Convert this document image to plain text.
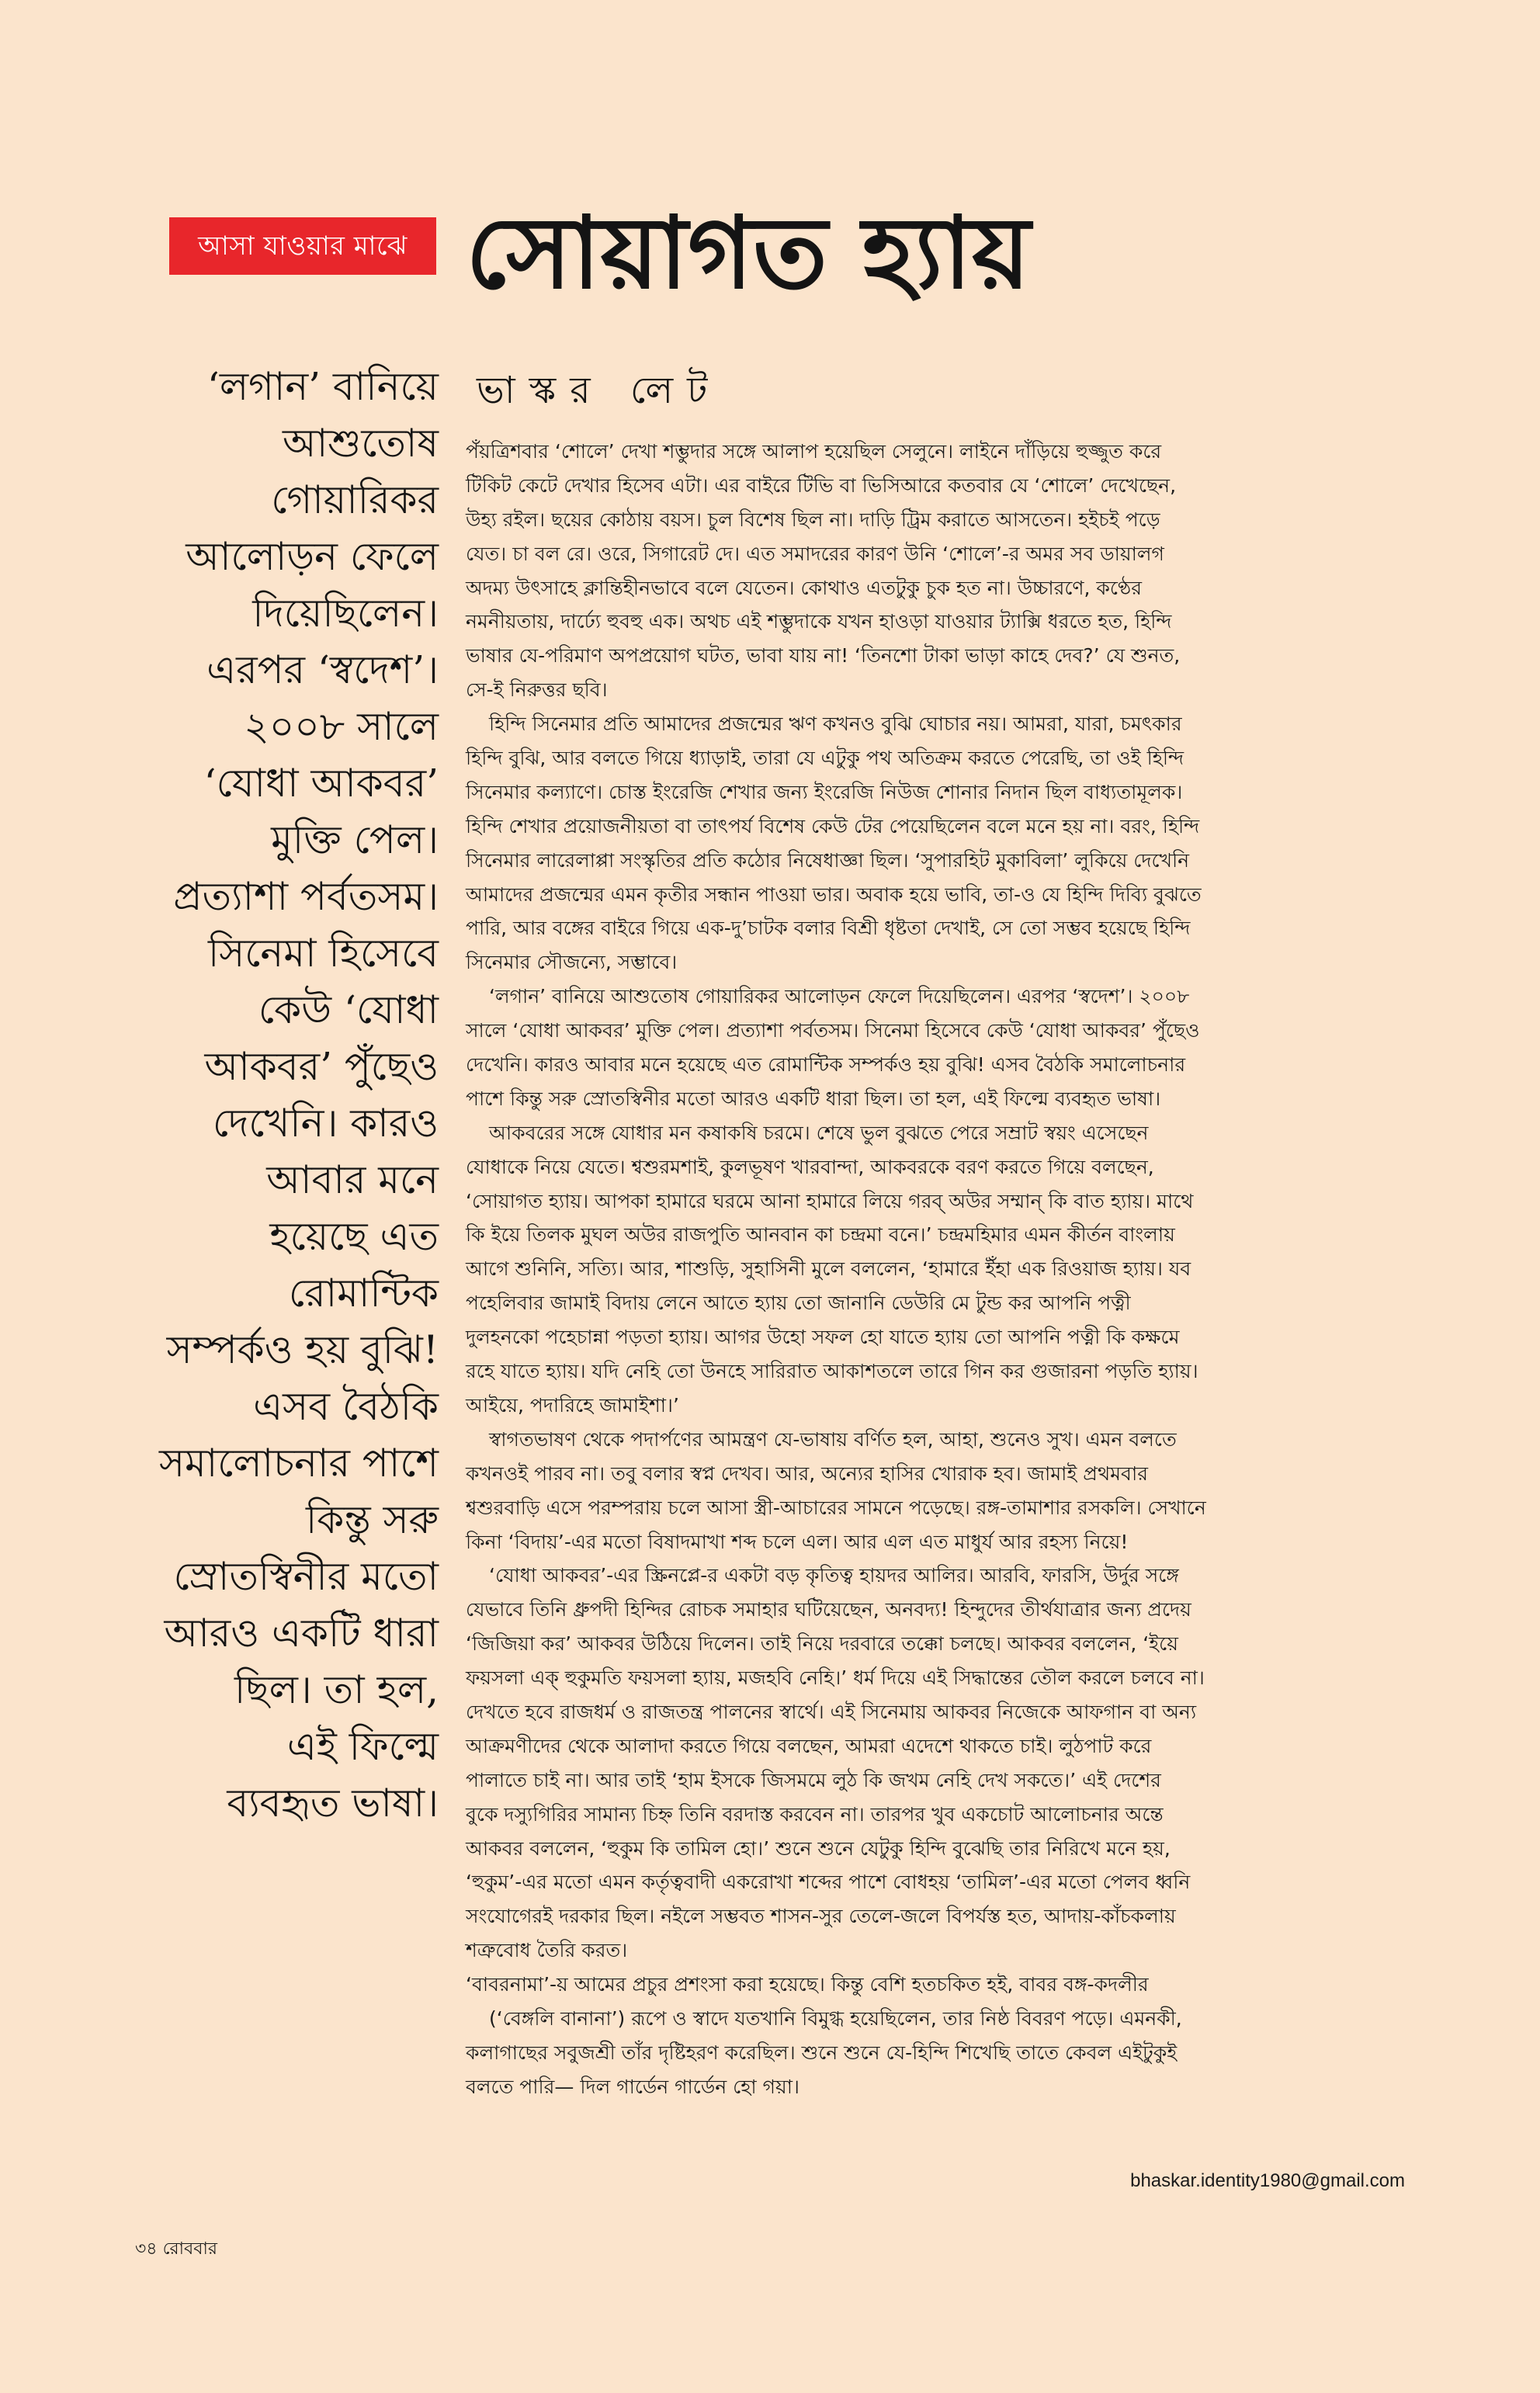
আসা যাওয়ার মাঝে সোয়াগত হ্যায়
‘লগান’ বানিয়ে
আশুতোষ
গোয়ারিকর
আলোড়ন ফেলে
দিয়েছিলেন।
এরপর ‘স্বদেশ’।
২০০৮ সালে
‘যোধা আকবর’
মুক্তি পেল।
প্রত্যাশা পর্বতসম।
সিনেমা হিসেবে
কেউ ‘যোধা
আকবর’ পুঁছেও
দেখেনি। কারও
আবার মনে
হয়েছে এত
রোমান্টিক
সম্পর্কও হয় বুঝি!
এসব বৈঠকি
সমালোচনার পাশে
কিন্তু সরু
স্রোতস্বিনীর মতো
আরও একটি ধারা
ছিল। তা হল,
এই ফিল্মে
ব্যবহৃত ভাষা।
ভাস্কর লেট
পঁয়ত্রিশবার ‘শোলে’ দেখা শম্ভুদার সঙ্গে আলাপ হয়েছিল সেলুনে। লাইনে দাঁড়িয়ে হুজ্জুত করে
টিকিট কেটে দেখার হিসেব এটা। এর বাইরে টিভি বা ভিসিআরে কতবার যে ‘শোলে’ দেখেছেন,
উহ্য রইল। ছয়ের কোঠায় বয়স। চুল বিশেষ ছিল না। দাড়ি ট্রিম করাতে আসতেন। হইচই পড়ে
যেত। চা বল রে। ওরে, সিগারেট দে। এত সমাদরের কারণ উনি ‘শোলে’-র অমর সব ডায়ালগ
অদম্য উৎসাহে ক্লান্তিহীনভাবে বলে যেতেন। কোথাও এতটুকু চুক হত না। উচ্চারণে, কণ্ঠের
নমনীয়তায়, দার্ঢ্যে হুবহু এক। অথচ এই শম্ভুদাকে যখন হাওড়া যাওয়ার ট্যাক্সি ধরতে হত, হিন্দি
ভাষার যে-পরিমাণ অপপ্রয়োগ ঘটত, ভাবা যায় না! ‘তিনশো টাকা ভাড়া কাহে দেব?’ যে শুনত,
সে-ই নিরুত্তর ছবি।
হিন্দি সিনেমার প্রতি আমাদের প্রজন্মের ঋণ কখনও বুঝি ঘোচার নয়। আমরা, যারা, চমৎকার
হিন্দি বুঝি, আর বলতে গিয়ে ধ্যাড়াই, তারা যে এটুকু পথ অতিক্রম করতে পেরেছি, তা ওই হিন্দি
সিনেমার কল্যাণে। চোস্ত ইংরেজি শেখার জন্য ইংরেজি নিউজ শোনার নিদান ছিল বাধ্যতামূলক।
হিন্দি শেখার প্রয়োজনীয়তা বা তাৎপর্য বিশেষ কেউ টের পেয়েছিলেন বলে মনে হয় না। বরং, হিন্দি
সিনেমার লারেলাপ্পা সংস্কৃতির প্রতি কঠোর নিষেধাজ্ঞা ছিল। ‘সুপারহিট মুকাবিলা’ লুকিয়ে দেখেনি
আমাদের প্রজন্মের এমন কৃতীর সন্ধান পাওয়া ভার। অবাক হয়ে ভাবি, তা-ও যে হিন্দি দিব্যি বুঝতে
পারি, আর বঙ্গের বাইরে গিয়ে এক-দু’চাটক বলার বিশ্রী ধৃষ্টতা দেখাই, সে তো সম্ভব হয়েছে হিন্দি
সিনেমার সৌজন্যে, সম্ভাবে।
‘লগান’ বানিয়ে আশুতোষ গোয়ারিকর আলোড়ন ফেলে দিয়েছিলেন। এরপর ‘স্বদেশ’। ২০০৮
সালে ‘যোধা আকবর’ মুক্তি পেল। প্রত্যাশা পর্বতসম। সিনেমা হিসেবে কেউ ‘যোধা আকবর’ পুঁছেও
দেখেনি। কারও আবার মনে হয়েছে এত রোমান্টিক সম্পর্কও হয় বুঝি! এসব বৈঠকি সমালোচনার
পাশে কিন্তু সরু স্রোতস্বিনীর মতো আরও একটি ধারা ছিল। তা হল, এই ফিল্মে ব্যবহৃত ভাষা।
আকবরের সঙ্গে যোধার মন কষাকষি চরমে। শেষে ভুল বুঝতে পেরে সম্রাট স্বয়ং এসেছেন
যোধাকে নিয়ে যেতে। শ্বশুরমশাই, কুলভূষণ খারবান্দা, আকবরকে বরণ করতে গিয়ে বলছেন,
‘সোয়াগত হ্যায়। আপকা হামারে ঘরমে আনা হামারে লিয়ে গরব্‌ অউর সম্মান্‌ কি বাত হ্যায়। মাথে
কি ইয়ে তিলক মুঘল অউর রাজপুতি আনবান কা চন্দ্রমা বনে।’ চন্দ্রমহিমার এমন কীর্তন বাংলায়
আগে শুনিনি, সত্যি। আর, শাশুড়ি, সুহাসিনী মুলে বললেন, ‘হামারে ইঁহা এক রিওয়াজ হ্যায়। যব
পহেলিবার জামাই বিদায় লেনে আতে হ্যায় তো জানানি ডেউরি মে টুন্ড কর আপনি পত্নী
দুলহনকো পহেচান্না পড়তা হ্যায়। আগর উহো সফল হো যাতে হ্যায় তো আপনি পত্নী কি কক্ষমে
রহে যাতে হ্যায়। যদি নেহি তো উনহে সারিরাত আকাশতলে তারে গিন কর গুজারনা পড়তি হ্যায়।
আইয়ে, পদারিহে জামাইশা।’
স্বাগতভাষণ থেকে পদার্পণের আমন্ত্রণ যে-ভাষায় বর্ণিত হল, আহা, শুনেও সুখ। এমন বলতে
কখনওই পারব না। তবু বলার স্বপ্ন দেখব। আর, অন্যের হাসির খোরাক হব। জামাই প্রথমবার
শ্বশুরবাড়ি এসে পরম্পরায় চলে আসা স্ত্রী-আচারের সামনে পড়েছে। রঙ্গ-তামাশার রসকলি। সেখানে
কিনা ‘বিদায়’-এর মতো বিষাদমাখা শব্দ চলে এল। আর এল এত মাধুর্য আর রহস্য নিয়ে!
‘যোধা আকবর’-এর স্ক্রিনপ্লে-র একটা বড় কৃতিত্ব হায়দর আলির। আরবি, ফারসি, উর্দুর সঙ্গে
যেভাবে তিনি ধ্রুপদী হিন্দির রোচক সমাহার ঘটিয়েছেন, অনবদ্য! হিন্দুদের তীর্থযাত্রার জন্য প্রদেয়
‘জিজিয়া কর’ আকবর উঠিয়ে দিলেন। তাই নিয়ে দরবারে তক্কো চলছে। আকবর বললেন, ‘ইয়ে
ফয়সলা এক্‌ হুকুমতি ফয়সলা হ্যায়, মজহবি নেহি।’ ধর্ম দিয়ে এই সিদ্ধান্তের তৌল করলে চলবে না।
দেখতে হবে রাজধর্ম ও রাজতন্ত্র পালনের স্বার্থে। এই সিনেমায় আকবর নিজেকে আফগান বা অন্য
আক্রমণীদের থেকে আলাদা করতে গিয়ে বলছেন, আমরা এদেশে থাকতে চাই। লুঠপাট করে
পালাতে চাই না। আর তাই ‘হাম ইসকে জিসমমে লুঠ কি জখম নেহি দেখ সকতে।’ এই দেশের
বুকে দস্যুগিরির সামান্য চিহ্ন তিনি বরদাস্ত করবেন না। তারপর খুব একচোট আলোচনার অন্তে
আকবর বললেন, ‘হুকুম কি তামিল হো।’ শুনে শুনে যেটুকু হিন্দি বুঝেছি তার নিরিখে মনে হয়,
‘হুকুম’-এর মতো এমন কর্তৃত্ববাদী একরোখা শব্দের পাশে বোধহয় ‘তামিল’-এর মতো পেলব ধ্বনি
সংযোগেরই দরকার ছিল। নইলে সম্ভবত শাসন-সুর তেলে-জলে বিপর্যস্ত হত, আদায়-কাঁচকলায়
শত্রুবোধ তৈরি করত।
‘বাবরনামা’-য় আমের প্রচুর প্রশংসা করা হয়েছে। কিন্তু বেশি হতচকিত হই, বাবর বঙ্গ-কদলীর
(‘বেঙ্গলি বানানা’) রূপে ও স্বাদে যতখানি বিমুগ্ধ হয়েছিলেন, তার নিষ্ঠ বিবরণ পড়ে। এমনকী,
কলাগাছের সবুজশ্রী তাঁর দৃষ্টিহরণ করেছিল। শুনে শুনে যে-হিন্দি শিখেছি তাতে কেবল এইটুকুই
বলতে পারি— দিল গার্ডেন গার্ডেন হো গয়া।
bhaskar.identity1980@gmail.com
৩৪ রোববার
